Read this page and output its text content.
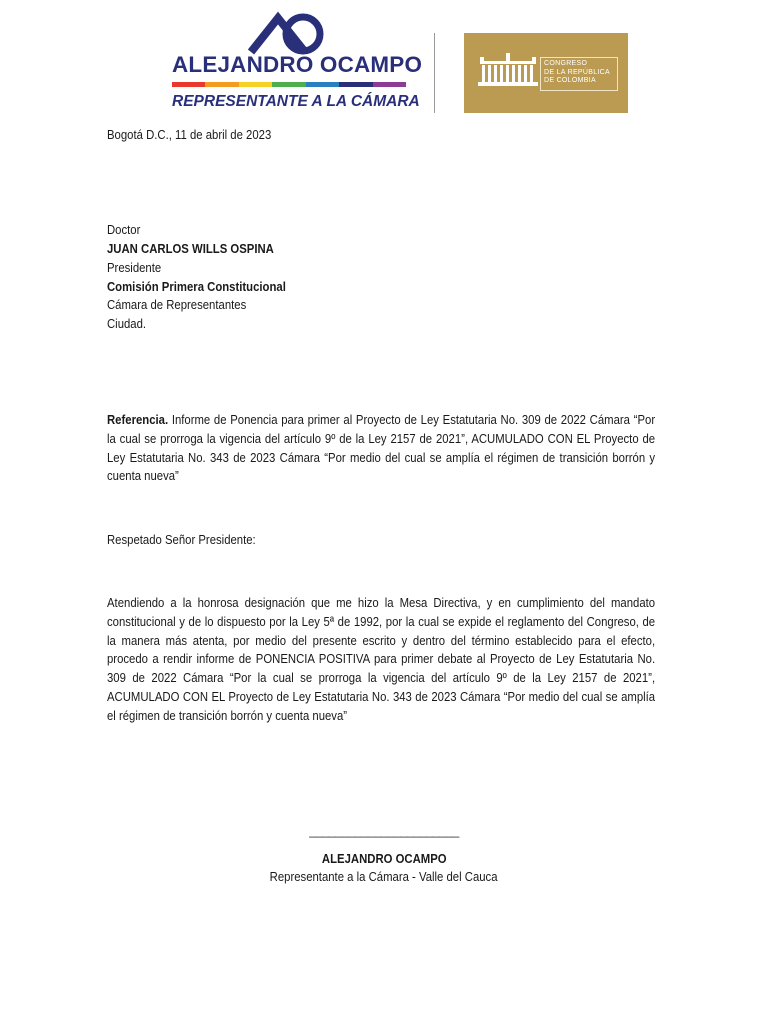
ALEJANDRO OCAMPO
REPRESENTANTE A LA CÁMARA
CONGRESO
DE LA REPÚBLICA
DE COLOMBIA
Bogotá D.C., 11 de abril de 2023
Doctor
JUAN CARLOS WILLS OSPINA
Presidente
Comisión Primera Constitucional
Cámara de Representantes
Ciudad.
Referencia. Informe de Ponencia para primer al Proyecto de Ley Estatutaria No. 309 de 2022 Cámara “Por la cual se prorroga la vigencia del artículo 9º de la Ley 2157 de 2021”, ACUMULADO CON EL Proyecto de Ley Estatutaria No. 343 de 2023 Cámara “Por medio del cual se amplía el régimen de transición borrón y cuenta nueva”
Respetado Señor Presidente:
Atendiendo a la honrosa designación que me hizo la Mesa Directiva, y en cumplimiento del mandato constitucional y de lo dispuesto por la Ley 5ª de 1992, por la cual se expide el reglamento del Congreso, de la manera más atenta, por medio del presente escrito y dentro del término establecido para el efecto, procedo a rendir informe de PONENCIA POSITIVA para primer debate al Proyecto de Ley Estatutaria No. 309 de 2022 Cámara “Por la cual se prorroga la vigencia del artículo 9º de la Ley 2157 de 2021”, ACUMULADO CON EL Proyecto de Ley Estatutaria No. 343 de 2023 Cámara “Por medio del cual se amplía el régimen de transición borrón y cuenta nueva”
_______________________
ALEJANDRO OCAMPO
Representante a la Cámara - Valle del Cauca
